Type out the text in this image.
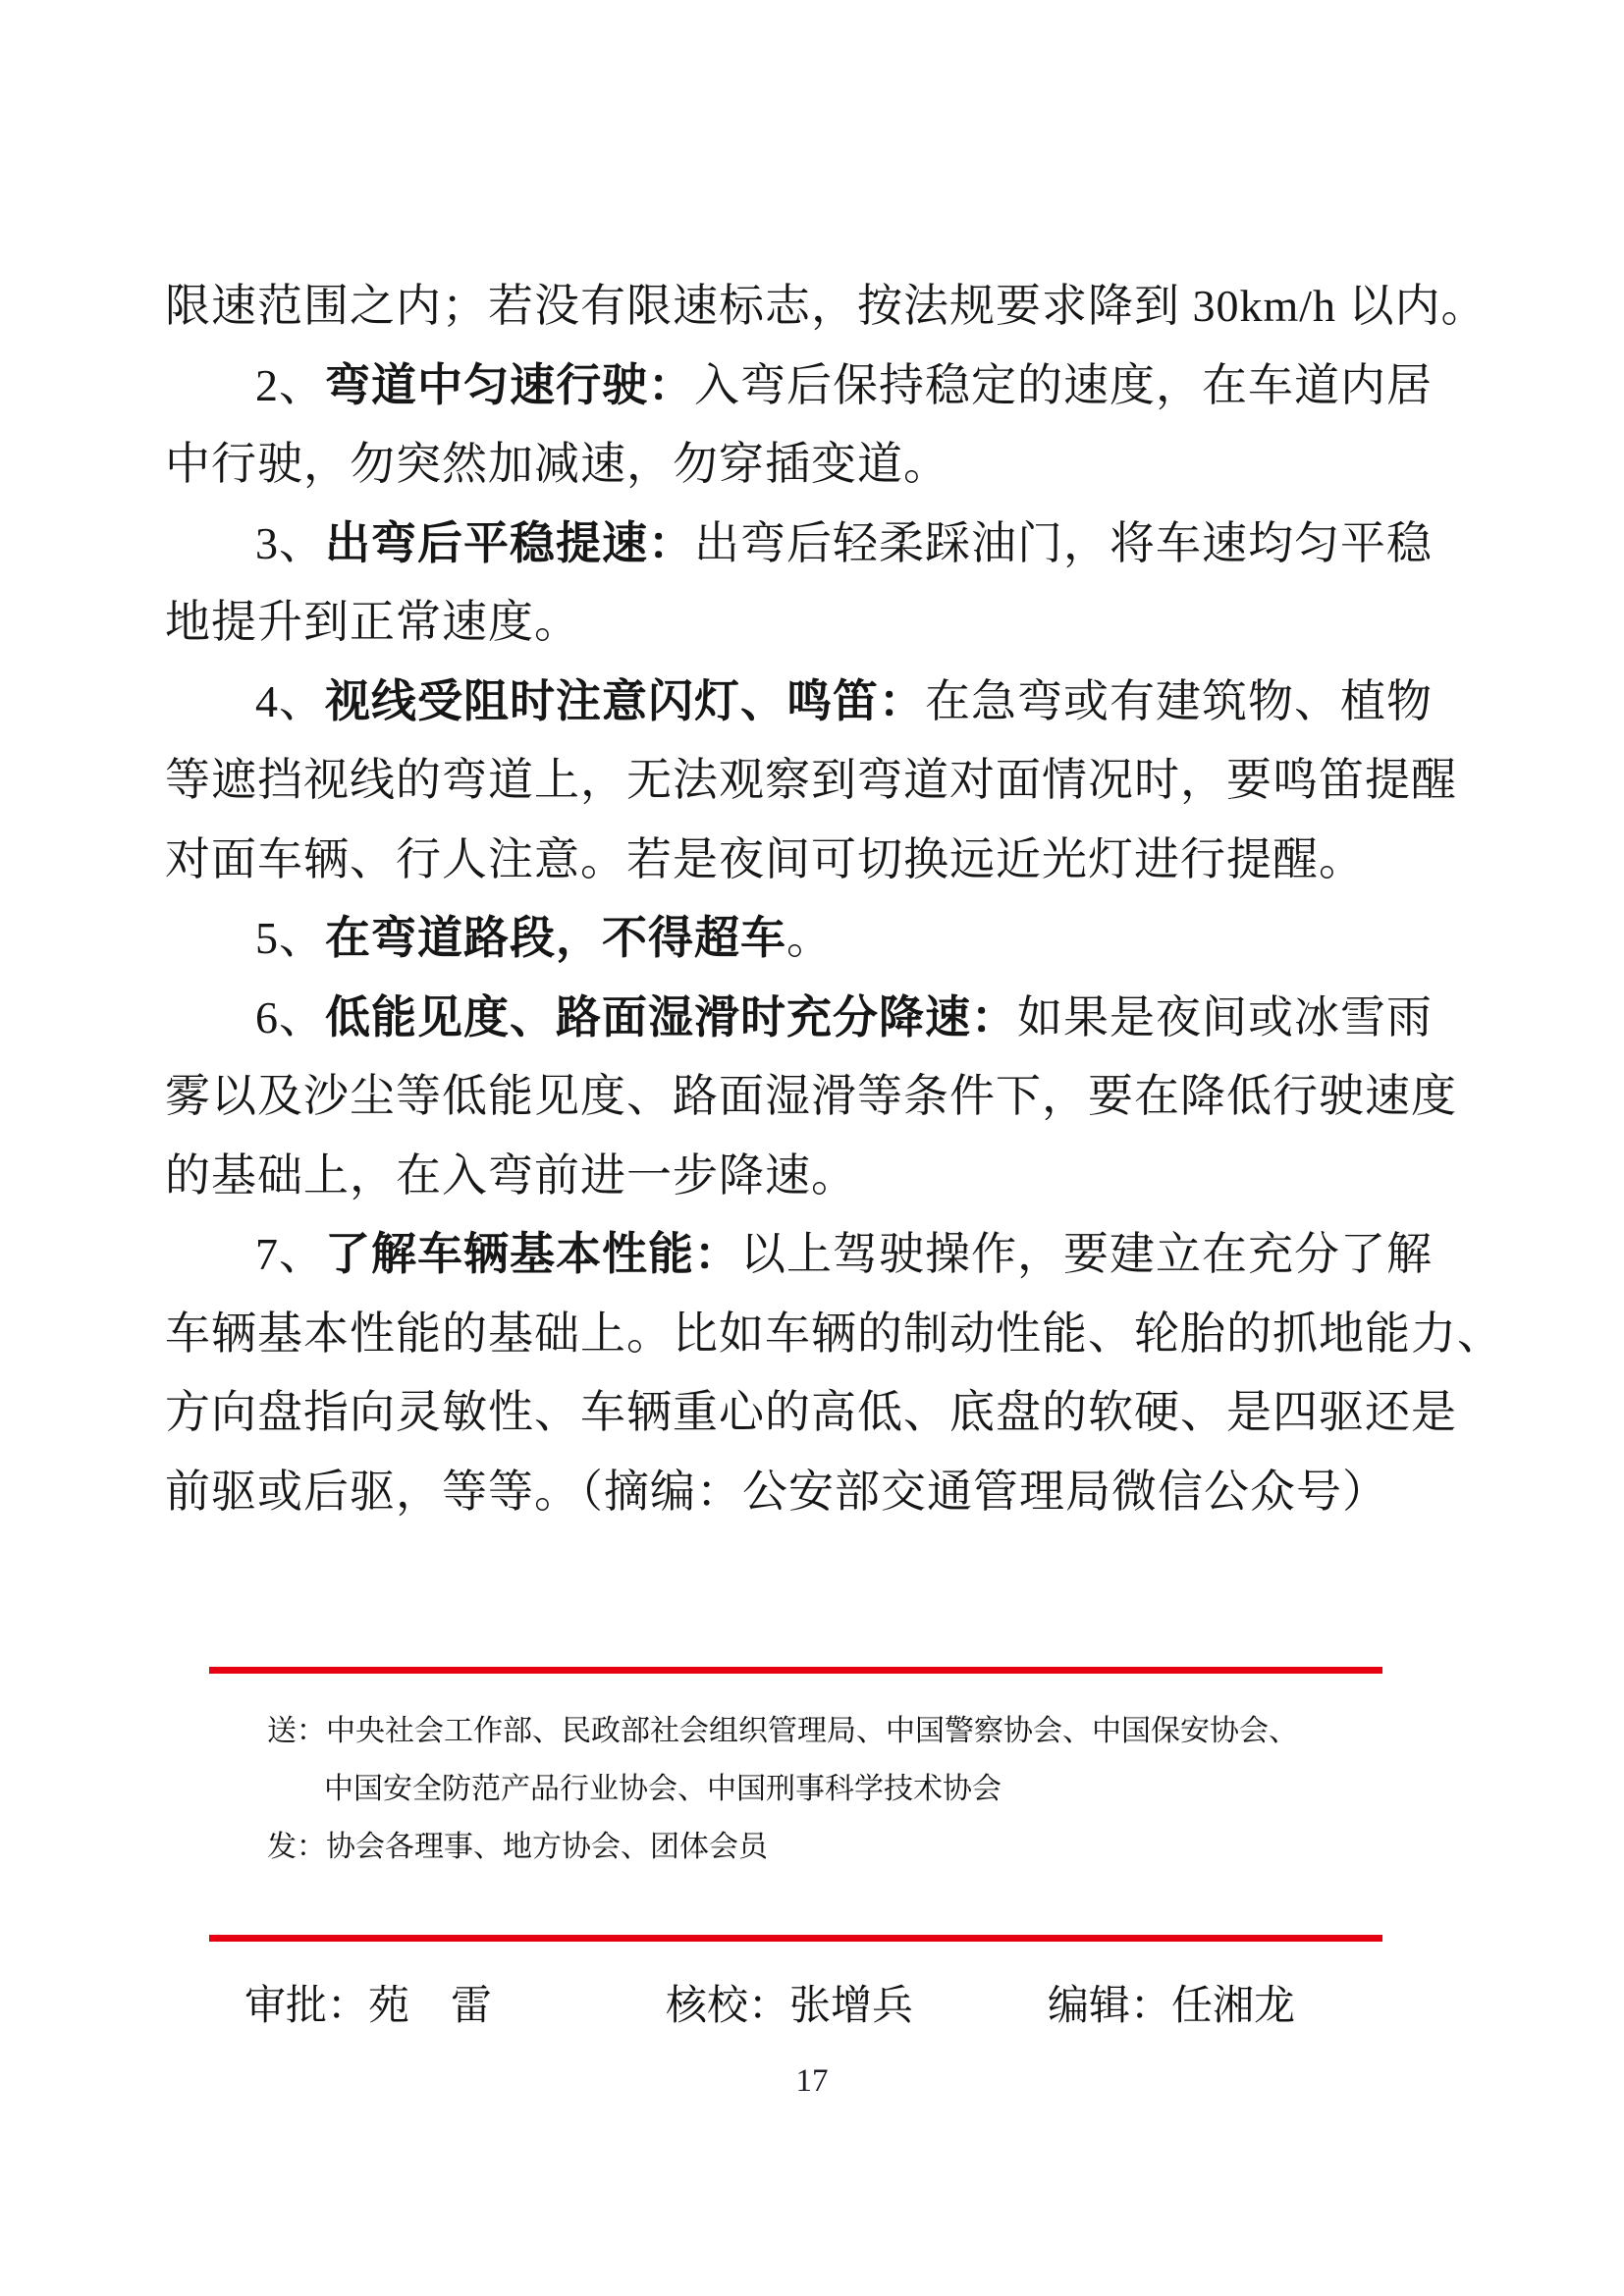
限速范围之内；若没有限速标志，按法规要求降到 30km/h 以内。
2、弯道中匀速行驶：入弯后保持稳定的速度，在车道内居
中行驶，勿突然加减速，勿穿插变道。
3、出弯后平稳提速：出弯后轻柔踩油门，将车速均匀平稳
地提升到正常速度。
4、视线受阻时注意闪灯、鸣笛：在急弯或有建筑物、植物
等遮挡视线的弯道上，无法观察到弯道对面情况时，要鸣笛提醒
对面车辆、行人注意。若是夜间可切换远近光灯进行提醒。
5、在弯道路段，不得超车。
6、低能见度、路面湿滑时充分降速：如果是夜间或冰雪雨
雾以及沙尘等低能见度、路面湿滑等条件下，要在降低行驶速度
的基础上，在入弯前进一步降速。
7、了解车辆基本性能：以上驾驶操作，要建立在充分了解
车辆基本性能的基础上。比如车辆的制动性能、轮胎的抓地能力、
方向盘指向灵敏性、车辆重心的高低、底盘的软硬、是四驱还是
前驱或后驱，等等。（摘编：公安部交通管理局微信公众号）
送：中央社会工作部、民政部社会组织管理局、中国警察协会、中国保安协会、
中国安全防范产品行业协会、中国刑事科学技术协会
发：协会各理事、地方协会、团体会员
审批：苑　雷	核校：张增兵	编辑：任湘龙
17
